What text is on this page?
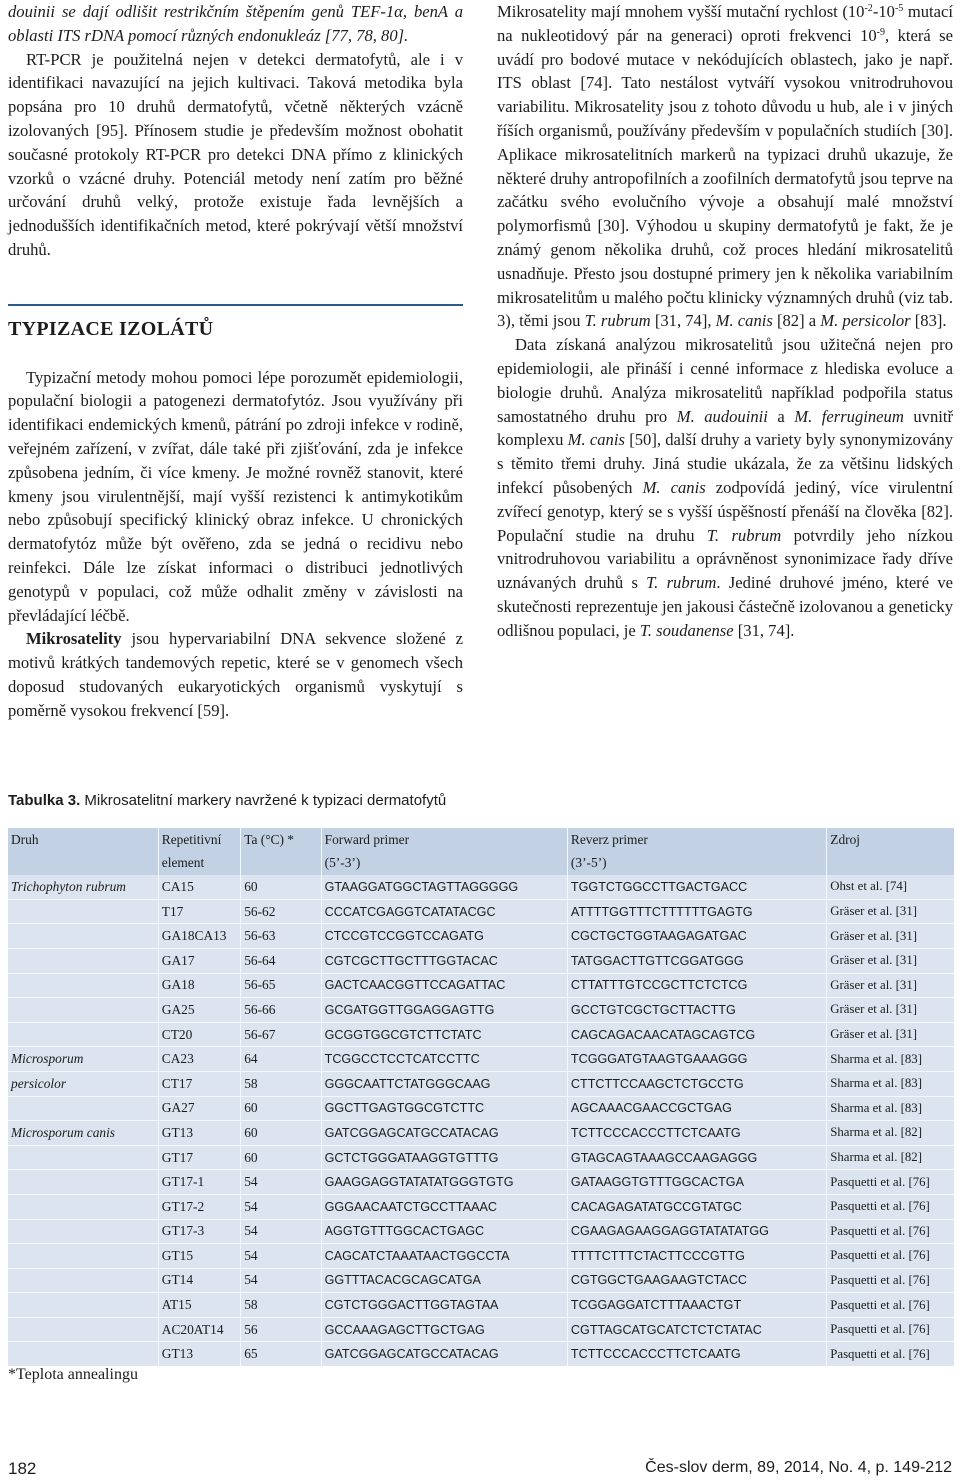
douinii se dají odlišit restrikčním štěpením genů TEF-1α, benA a oblasti ITS rDNA pomocí různých endonukleáz [77, 78, 80].

RT-PCR je použitelná nejen v detekci dermatofytů, ale i v identifikaci navazující na jejich kultivaci. Taková metodika byla popsána pro 10 druhů dermatofytů, včetně některých vzácně izolovaných [95]. Přínosem studie je především možnost obohatit současné protokoly RT-PCR pro detekci DNA přímo z klinických vzorků o vzácné druhy. Potenciál metody není zatím pro běžné určování druhů velký, protože existuje řada levnějších a jednodušších identifikačních metod, které pokrývají větší množství druhů.

TYPIZACE IZOLÁTŮ

Typizační metody mohou pomoci lépe porozumět epidemiologii, populační biologii a patogenezi dermatofytóz. Jsou využívány při identifikaci endemických kmenů, pátrání po zdroji infekce v rodině, veřejném zařízení, v zvířat, dále také při zjišťování, zda je infekce způsobena jedním, či více kmeny. Je možné rovněž stanovit, které kmeny jsou virulentnější, mají vyšší rezistenci k antimykotikům nebo způsobují specifický klinický obraz infekce. U chronických dermatofytóz může být ověřeno, zda se jedná o recidivu nebo reinfekci. Dále lze získat informaci o distribuci jednotlivých genotypů v populaci, což může odhalit změny v závislosti na převládající léčbě.

Mikrosatelity jsou hypervariabilní DNA sekvence složené z motivů krátkých tandemových repetic, které se v genomech všech doposud studovaných eukaryotických organismů vyskytují s poměrně vysokou frekvencí [59].

Mikrosatelity mají mnohem vyšší mutační rychlost ($10^{-2}-10^{-5}$ mutací na nukleotidový pár na generaci) oproti frekvenci $10^{-9}$, která se uvádí pro bodové mutace v nekódujících oblastech, jako je např. ITS oblast [74]. Tato nestálost vytváří vysokou vnitrodruhovou variabilitu. Mikrosatelity jsou z tohoto důvodu u hub, ale i v jiných říších organismů, používány především v populačních studiích [30]. Aplikace mikrosatelitních markerů na typizaci druhů ukazuje, že některé druhy antropofilních a zoofilních dermatofytů jsou teprve na začátku svého evolučního vývoje a obsahují malé množství polymorfismů [30]. Výhodou u skupiny dermatofytů je fakt, že je známý genom několika druhů, což proces hledání mikrosatelitů usnadňuje. Přesto jsou dostupné primery jen k několika variabilním mikrosatelitům u malého počtu klinicky významných druhů (viz tab. 3), těmi jsou T. rubrum [31, 74], M. canis [82] a M. persicolor [83].

Data získaná analýzou mikrosatelitů jsou užitečná nejen pro epidemiologii, ale přináší i cenné informace z hlediska evoluce a biologie druhů. Analýza mikrosatelitů například podpořila status samostatného druhu pro M. audouinii a M. ferrugineum uvnitř komplexu M. canis [50], další druhy a variety byly synonymizovány s těmito třemi druhy. Jiná studie ukázala, že za většinu lidských infekcí působených M. canis zodpovídá jediný, více virulentní zvířecí genotyp, který se s vyšší úspěšností přenáší na člověka [82]. Populační studie na druhu T. rubrum potvrdily jeho nízkou vnitrodruhovou variabilitu a oprávněnost synonimizace řady dříve uznávaných druhů s T. rubrum. Jediné druhové jméno, které ve skutečnosti reprezentuje jen jakousi částečně izolovanou a geneticky odlišnou populaci, je T. soudanense [31, 74].

Tabulka 3. Mikrosatelitní markery navržené k typizaci dermatofytů
Druh	Repetitivní	Ta (°C) *	Forward primer	Reverz primer	Zdroj
	element		(5’-3’)	(3’-5’)	
Trichophyton rubrum	CA15	60	GTAAGGATGGCTAGTTAGGGGG	TGGTCTGGCCTTGACTGACC	Ohst et al. [74]
	T17	56-62	CCCATCGAGGTCATATACGC	ATTTTGGTTTCTTTTTTGAGTG	Gräser et al. [31]
	GA18CA13	56-63	CTCCGTCCGGTCCAGATG	CGCTGCTGGTAAGAGATGAC	Gräser et al. [31]
	GA17	56-64	CGTCGCTTGCTTTGGTACAC	TATGGACTTGTTCGGATGGG	Gräser et al. [31]
	GA18	56-65	GACTCAACGGTTCCAGATTAC	CTTATTTGTCCGCTTCTCTCG	Gräser et al. [31]
	GA25	56-66	GCGATGGTTGGAGGAGTTG	GCCTGTCGCTGCTTACTTG	Gräser et al. [31]
	CT20	56-67	GCGGTGGCGTCTTCTATC	CAGCAGACAACATAGCAGTCG	Gräser et al. [31]
Microsporum	CA23	64	TCGGCCTCCTCATCCTTC	TCGGGATGTAAGTGAAAGGG	Sharma et al. [83]
persicolor	CT17	58	GGGCAATTCTATGGGCAAG	CTTCTTCCAAGCTCTGCCTG	Sharma et al. [83]
	GA27	60	GGCTTGAGTGGCGTCTTC	AGCAAACGAACCGCTGAG	Sharma et al. [83]
Microsporum canis	GT13	60	GATCGGAGCATGCCATACAG	TCTTCCCACCCTTCTCAATG	Sharma et al. [82]
	GT17	60	GCTCTGGGATAAGGTGTTTG	GTAGCAGTAAAGCCAAGAGGG	Sharma et al. [82]
	GT17-1	54	GAAGGAGGTATATATGGGTGTG	GATAAGGTGTTTGGCACTGA	Pasquetti et al. [76]
	GT17-2	54	GGGAACAATCTGCCTTAAAC	CACAGAGATATGCCGTATGC	Pasquetti et al. [76]
	GT17-3	54	AGGTGTTTGGCACTGAGC	CGAAGAGAAGGAGGTATATATGG	Pasquetti et al. [76]
	GT15	54	CAGCATCTAAATAACTGGCCTA	TTTTCTTTCTACTTCCCGTTG	Pasquetti et al. [76]
	GT14	54	GGTTTACACGCAGCATGA	CGTGGCTGAAGAAGTCTACC	Pasquetti et al. [76]
	AT15	58	CGTCTGGGACTTGGTAGTAA	TCGGAGGATCTTTAAACTGT	Pasquetti et al. [76]
	AC20AT14	56	GCCAAAGAGCTTGCTGAG	CGTTAGCATGCATCTCTCTATAC	Pasquetti et al. [76]
	GT13	65	GATCGGAGCATGCCATACAG	TCTTCCCACCCTTCTCAATG	Pasquetti et al. [76]
*Teplota annealingu
182	Čes-slov derm, 89, 2014, No. 4, p. 149-212
